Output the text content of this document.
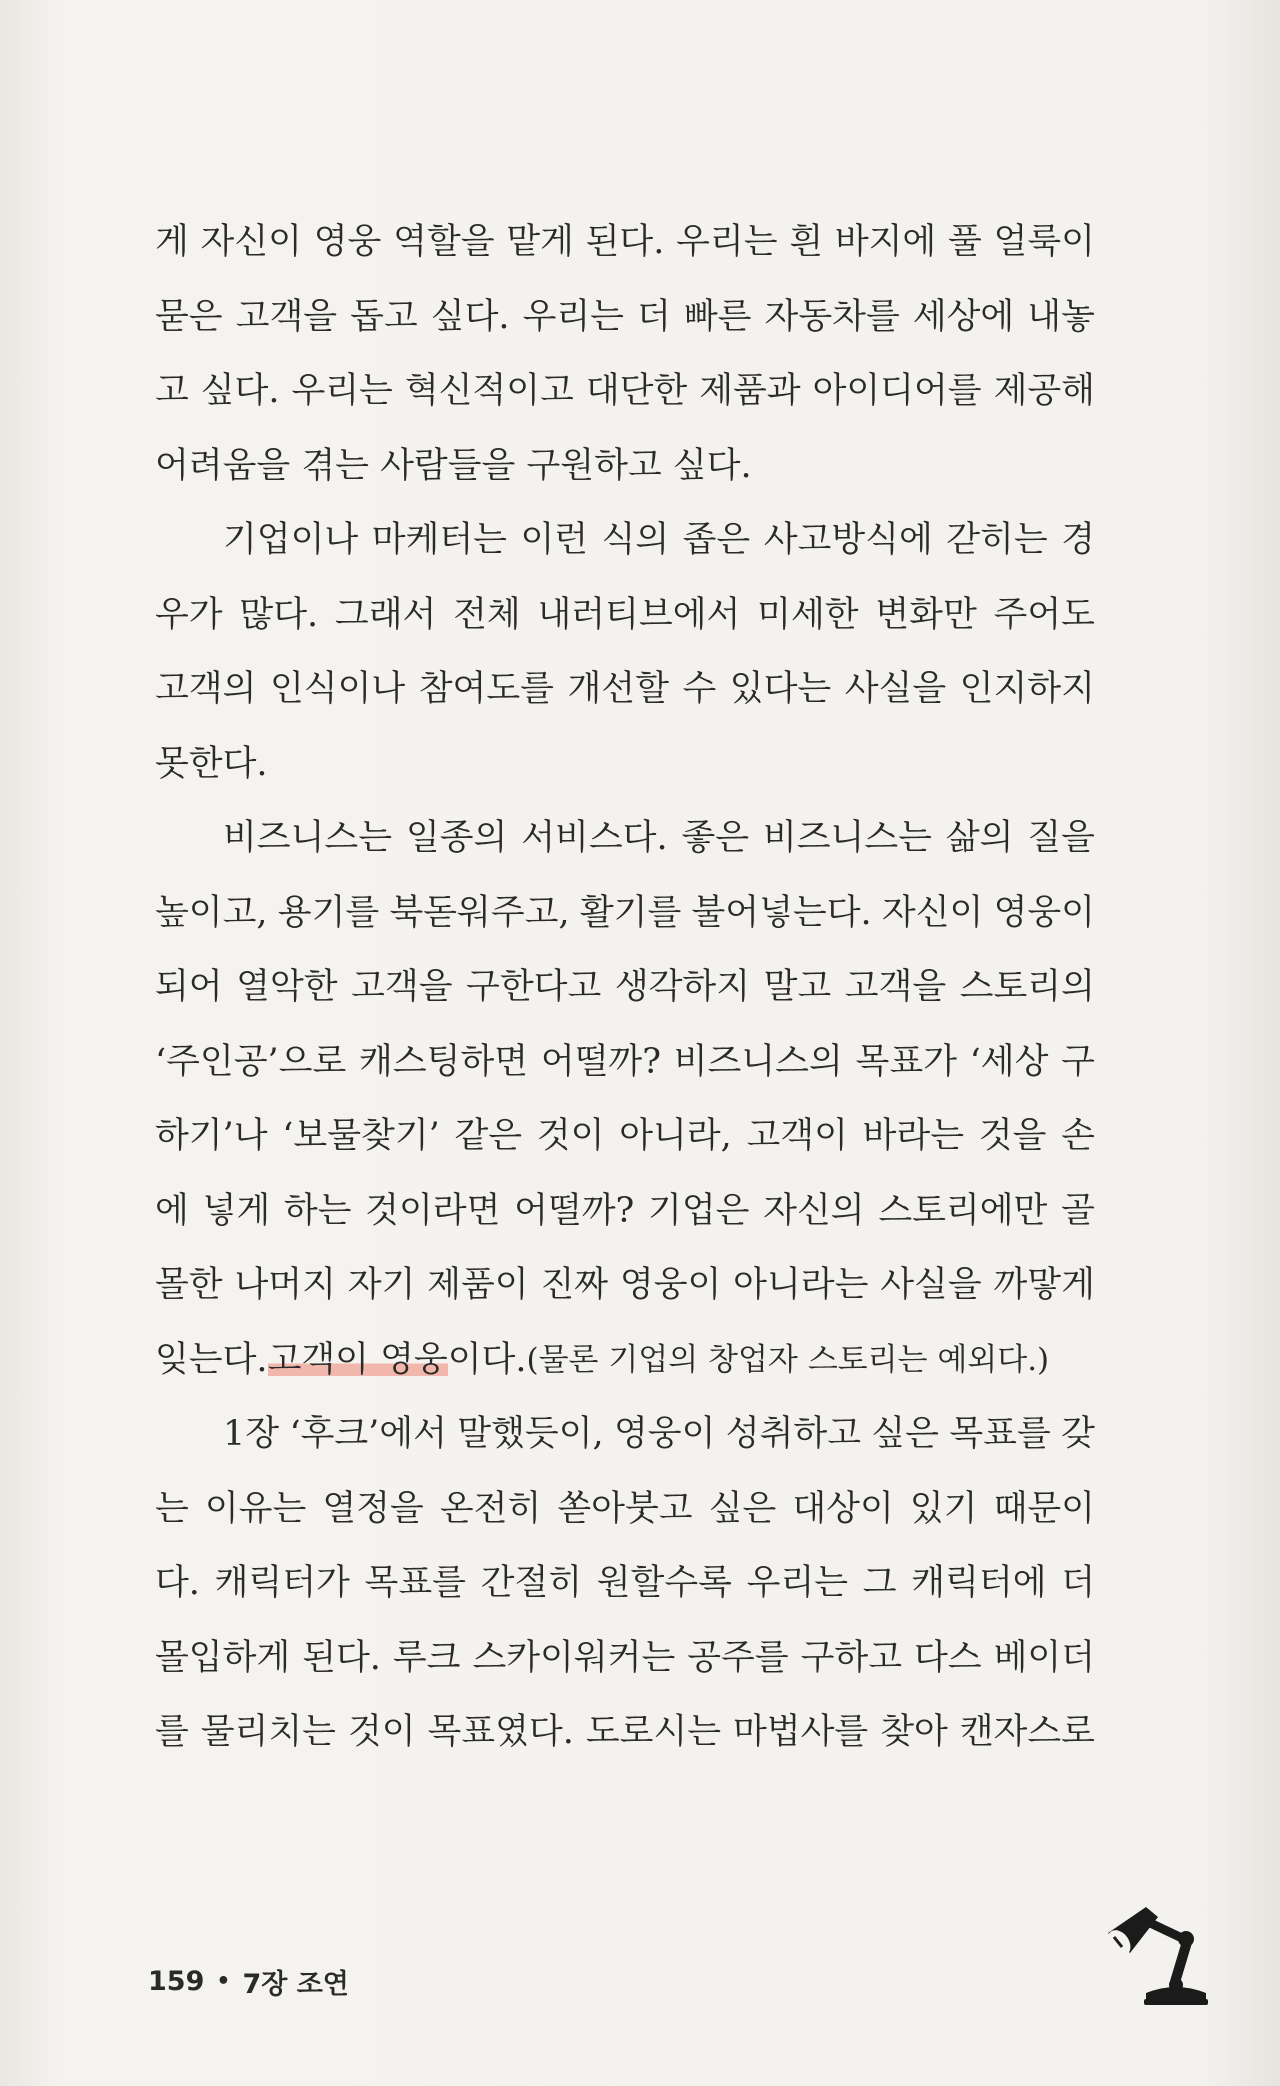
게 자신이 영웅 역할을 맡게 된다. 우리는 흰 바지에 풀 얼룩이
묻은 고객을 돕고 싶다. 우리는 더 빠른 자동차를 세상에 내놓
고 싶다. 우리는 혁신적이고 대단한 제품과 아이디어를 제공해
어려움을 겪는 사람들을 구원하고 싶다.
기업이나 마케터는 이런 식의 좁은 사고방식에 갇히는 경
우가 많다. 그래서 전체 내러티브에서 미세한 변화만 주어도
고객의 인식이나 참여도를 개선할 수 있다는 사실을 인지하지
못한다.
비즈니스는 일종의 서비스다. 좋은 비즈니스는 삶의 질을
높이고, 용기를 북돋워주고, 활기를 불어넣는다. 자신이 영웅이
되어 열악한 고객을 구한다고 생각하지 말고 고객을 스토리의
‘주인공’으로 캐스팅하면 어떨까? 비즈니스의 목표가 ‘세상 구
하기’나 ‘보물찾기’ 같은 것이 아니라, 고객이 바라는 것을 손
에 넣게 하는 것이라면 어떨까? 기업은 자신의 스토리에만 골
몰한 나머지 자기 제품이 진짜 영웅이 아니라는 사실을 까맣게
잊는다. 고객이 영웅 이다. (물론 기업의 창업자 스토리는 예외다.)
1장 ‘후크’에서 말했듯이, 영웅이 성취하고 싶은 목표를 갖
는 이유는 열정을 온전히 쏟아붓고 싶은 대상이 있기 때문이
다. 캐릭터가 목표를 간절히 원할수록 우리는 그 캐릭터에 더
몰입하게 된다. 루크 스카이워커는 공주를 구하고 다스 베이더
를 물리치는 것이 목표였다. 도로시는 마법사를 찾아 캔자스로
159 • 7장 조연
